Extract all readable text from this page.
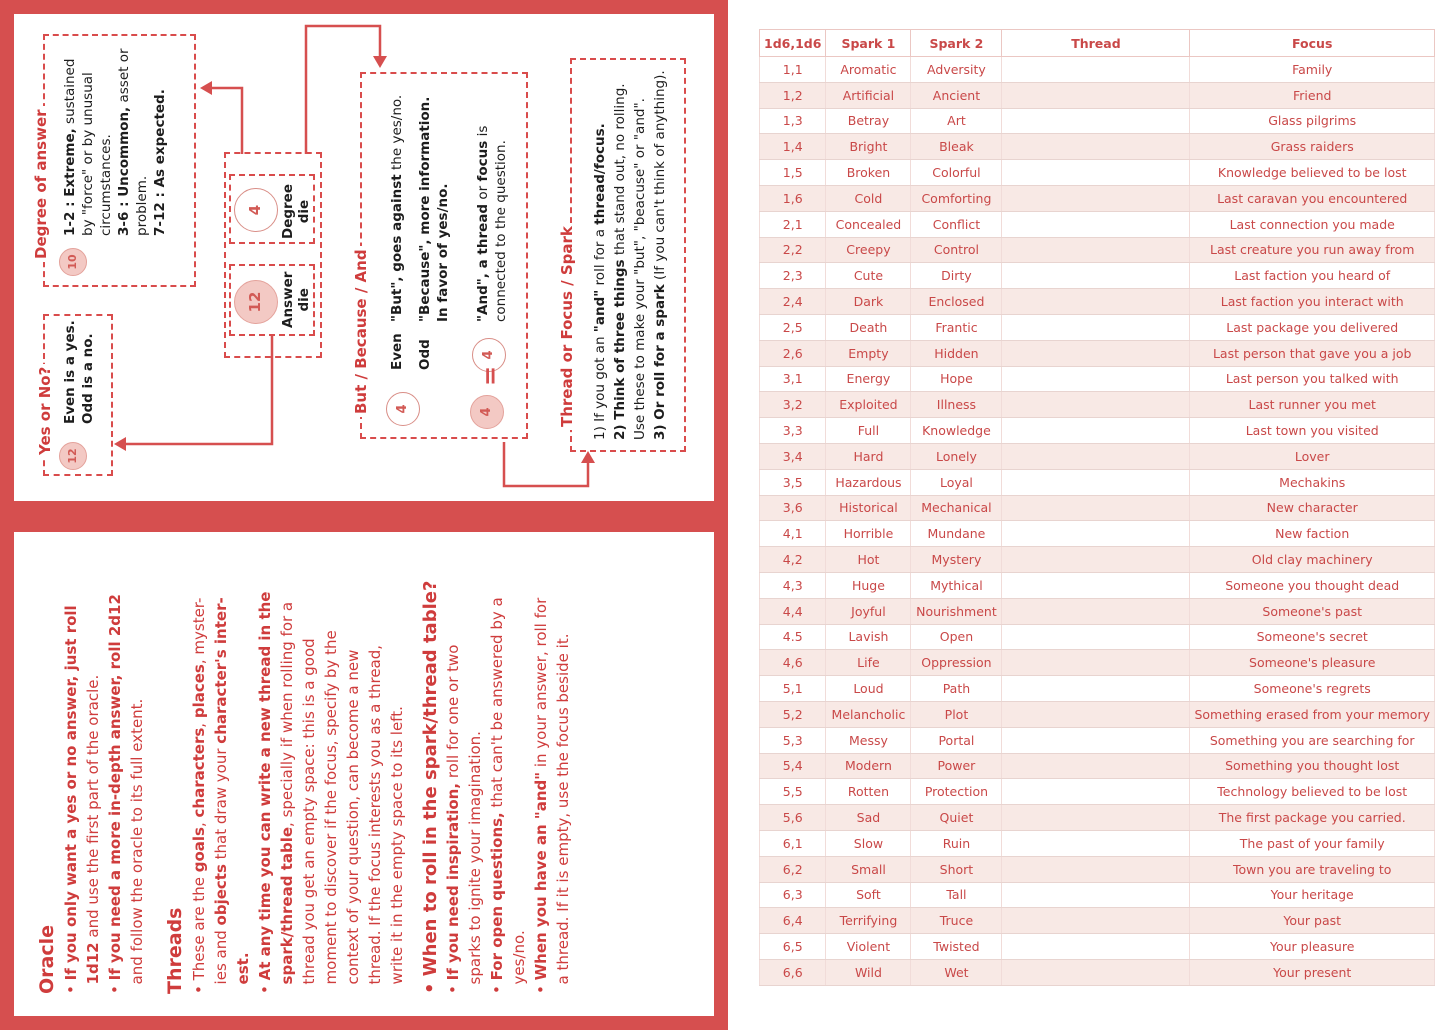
Yes or No? Even is a yes. Odd is a no.
12
Degree of answer
10
1-2 : Extreme, sustained by "force" or by unusual circumstances. 3-6 : Uncommon, asset or
problem. 7-12 : As expected.	4	Degree die
12	Answer die	But / Because / And	4
Even
"But", goes against the yes/no.
Odd
"Because", more information. In favor of yes/no. "And", a thread or focus is
connected to the question.
4
=
4	Thread or Focus / Spark 1) If you got an "and" roll for a thread/focus.
2) Think of three things that stand out, no rolling. Use these to make your "but", "beacuse" or "and". 3) Or roll for a spark (If you can't think of anything).
Oracle • If you only want a yes or no answer, just roll 1d12 and use the first part of the oracle.
• If you need a more in-depth answer, roll 2d12 and follow the oracle to its full extent. Threads • These are the goals, characters, places, myster-
ies and objects that draw your character's inter-
est.
• At any time you can write a new thread in the spark/thread table, specially if when rolling for a thread you get an empty space: this is a good moment to discover if the focus, specify by the context of your question, can become a new thread. If the focus interests you as a thread, write it in the empty space to its left.
• When to roll in the spark/thread table?
• If you need inspiration, roll for one or two
sparks to ignite your imagination.
• For open questions, that can't be answered by a
yes/no.
• When you have an "and" in your answer, roll for a thread. If it is empty, use the focus beside it.
1d6,1d6	Spark 1	Spark 2	Thread	Focus
1,1	Aromatic	Adversity		Family
1,2	Artificial	Ancient		Friend
1,3	Betray	Art		Glass pilgrims
1,4	Bright	Bleak		Grass raiders
1,5	Broken	Colorful		Knowledge believed to be lost
1,6	Cold	Comforting		Last caravan you encountered
2,1	Concealed	Conflict		Last connection you made
2,2	Creepy	Control		Last creature you run away from
2,3	Cute	Dirty		Last faction you heard of
2,4	Dark	Enclosed		Last faction you interact with
2,5	Death	Frantic		Last package you delivered
2,6	Empty	Hidden		Last person that gave you a job
3,1	Energy	Hope		Last person you talked with
3,2	Exploited	Illness		Last runner you met
3,3	Full	Knowledge		Last town you visited
3,4	Hard	Lonely		Lover
3,5	Hazardous	Loyal		Mechakins
3,6	Historical	Mechanical		New character
4,1	Horrible	Mundane		New faction
4,2	Hot	Mystery		Old clay machinery
4,3	Huge	Mythical		Someone you thought dead
4,4	Joyful	Nourishment		Someone's past
4.5	Lavish	Open		Someone's secret
4,6	Life	Oppression		Someone's pleasure
5,1	Loud	Path		Someone's regrets
5,2	Melancholic	Plot		Something erased from your memory
5,3	Messy	Portal		Something you are searching for
5,4	Modern	Power		Something you thought lost
5,5	Rotten	Protection		Technology believed to be lost
5,6	Sad	Quiet		The first package you carried.
6,1	Slow	Ruin		The past of your family
6,2	Small	Short		Town you are traveling to
6,3	Soft	Tall		Your heritage
6,4	Terrifying	Truce		Your past
6,5	Violent	Twisted		Your pleasure
6,6	Wild	Wet		Your present
